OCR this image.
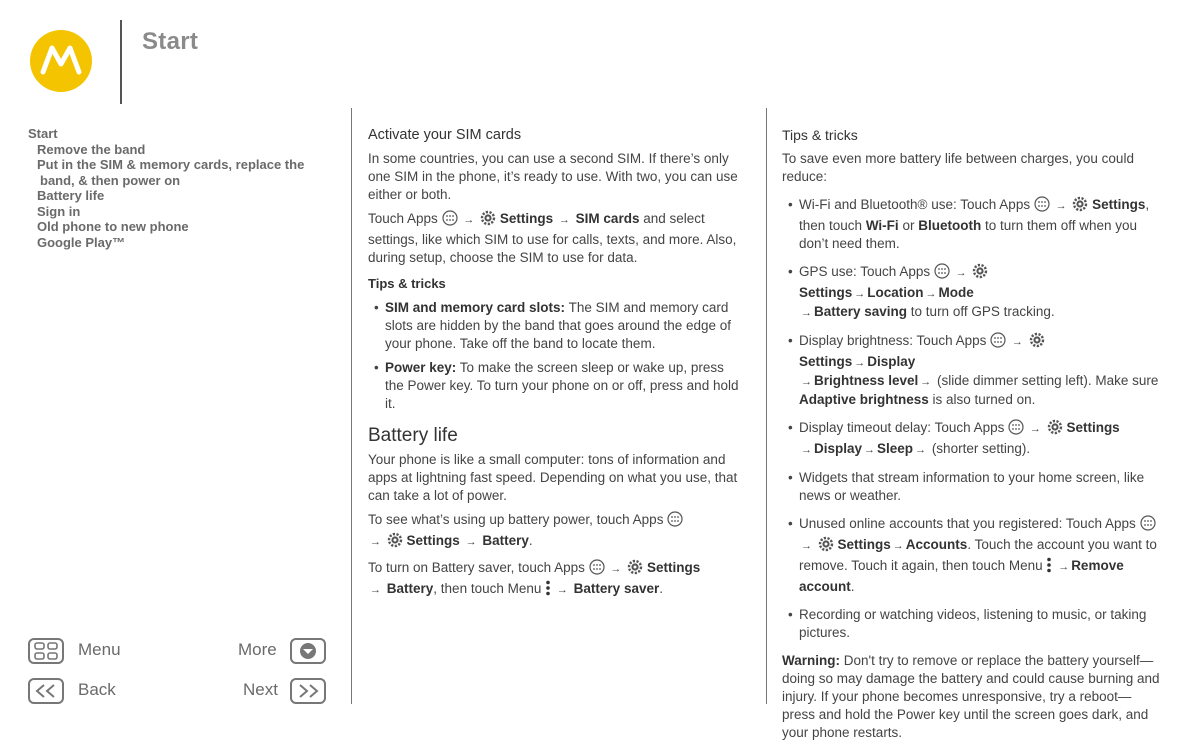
Start
Start
Remove the band
Put in the SIM & memory cards, replace the
band, & then power on
Battery life
Sign in
Old phone to new phone
Google Play™
Menu	More
Back	Next
Activate your SIM cards

In some countries, you can use a second SIM. If there’s only one SIM in the phone, it’s ready to use. With two, you can use either or both.

Touch Apps → Settings → SIM cards and select settings, like which SIM to use for calls, texts, and more. Also, during setup, choose the SIM to use for data.

Tips & tricks
• SIM and memory card slots: The SIM and memory card slots are hidden by the band that goes around the edge of your phone. Take off the band to locate them.
• Power key: To make the screen sleep or wake up, press the Power key. To turn your phone on or off, press and hold it.
Battery life

Your phone is like a small computer: tons of information and apps at lightning fast speed. Depending on what you use, that can take a lot of power.

To see what’s using up battery power, touch Apps
→ Settings → Battery.

To turn on Battery saver, touch Apps → Settings
→ Battery, then touch Menu → Battery saver.

Tips & tricks

To save even more battery life between charges, you could reduce:

• Wi-Fi and Bluetooth® use: Touch Apps → Settings, then touch Wi-Fi or Bluetooth to turn them off when you don’t need them.
• GPS use: Touch Apps →  Settings → Location → Mode
→ Battery saving to turn off GPS tracking.
• Display brightness: Touch Apps →  Settings → Display
→ Brightness level → (slide dimmer setting left). Make sure Adaptive brightness is also turned on.
• Display timeout delay: Touch Apps → Settings
→ Display → Sleep → (shorter setting).
• Widgets that stream information to your home screen, like news or weather.
• Unused online accounts that you registered: Touch Apps
→ Settings → Accounts. Touch the account you want to remove. Touch it again, then touch Menu → Remove account.
• Recording or watching videos, listening to music, or taking pictures.

Warning: Don't try to remove or replace the battery yourself—doing so may damage the battery and could cause burning and injury. If your phone becomes unresponsive, try a reboot—press and hold the Power key until the screen goes dark, and your phone restarts.
